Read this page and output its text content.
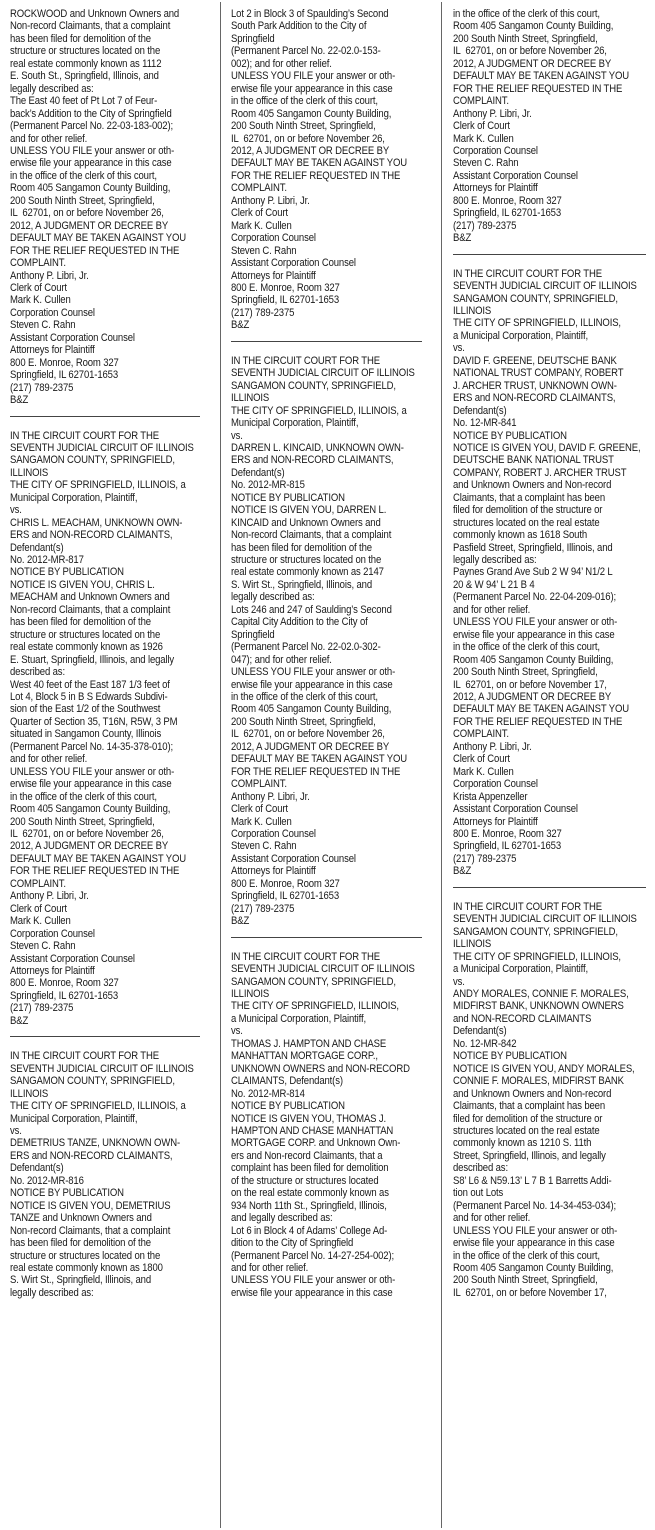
ROCKWOOD and Unknown Owners and
Non-record Claimants, that a complaint
has been filed for demolition of the
structure or structures located on the
real estate commonly known as 1112
E. South St., Springfield, Illinois, and
legally described as:
The East 40 feet of Pt Lot 7 of Feur-
back’s Addition to the City of Springfield
(Permanent Parcel No. 22-03-183-002);
and for other relief.
UNLESS YOU FILE your answer or oth-
erwise file your appearance in this case
in the office of the clerk of this court,
Room 405 Sangamon County Building,
200 South Ninth Street, Springfield,
IL  62701, on or before November 26,
2012, A JUDGMENT OR DECREE BY
DEFAULT MAY BE TAKEN AGAINST YOU
FOR THE RELIEF REQUESTED IN THE
COMPLAINT.
Anthony P. Libri, Jr.
Clerk of Court
Mark K. Cullen
Corporation Counsel
Steven C. Rahn
Assistant Corporation Counsel
Attorneys for Plaintiff
800 E. Monroe, Room 327
Springfield, IL 62701-1653
(217) 789-2375
B&Z
IN THE CIRCUIT COURT FOR THE
SEVENTH JUDICIAL CIRCUIT OF ILLINOIS
SANGAMON COUNTY, SPRINGFIELD,
ILLINOIS
THE CITY OF SPRINGFIELD, ILLINOIS, a
Municipal Corporation, Plaintiff,
vs.
CHRIS L. MEACHAM, UNKNOWN OWN-
ERS and NON-RECORD CLAIMANTS,
Defendant(s)
No. 2012-MR-817
NOTICE BY PUBLICATION
NOTICE IS GIVEN YOU, CHRIS L.
MEACHAM and Unknown Owners and
Non-record Claimants, that a complaint
has been filed for demolition of the
structure or structures located on the
real estate commonly known as 1926
E. Stuart, Springfield, Illinois, and legally
described as:
West 40 feet of the East 187 1/3 feet of
Lot 4, Block 5 in B S Edwards Subdivi-
sion of the East 1/2 of the Southwest
Quarter of Section 35, T16N, R5W, 3 PM
situated in Sangamon County, Illinois
(Permanent Parcel No. 14-35-378-010);
and for other relief.
UNLESS YOU FILE your answer or oth-
erwise file your appearance in this case
in the office of the clerk of this court,
Room 405 Sangamon County Building,
200 South Ninth Street, Springfield,
IL  62701, on or before November 26,
2012, A JUDGMENT OR DECREE BY
DEFAULT MAY BE TAKEN AGAINST YOU
FOR THE RELIEF REQUESTED IN THE
COMPLAINT.
Anthony P. Libri, Jr.
Clerk of Court
Mark K. Cullen
Corporation Counsel
Steven C. Rahn
Assistant Corporation Counsel
Attorneys for Plaintiff
800 E. Monroe, Room 327
Springfield, IL 62701-1653
(217) 789-2375
B&Z
IN THE CIRCUIT COURT FOR THE
SEVENTH JUDICIAL CIRCUIT OF ILLINOIS
SANGAMON COUNTY, SPRINGFIELD,
ILLINOIS
THE CITY OF SPRINGFIELD, ILLINOIS, a
Municipal Corporation, Plaintiff,
vs.
DEMETRIUS TANZE, UNKNOWN OWN-
ERS and NON-RECORD CLAIMANTS,
Defendant(s)
No. 2012-MR-816
NOTICE BY PUBLICATION
NOTICE IS GIVEN YOU, DEMETRIUS
TANZE and Unknown Owners and
Non-record Claimants, that a complaint
has been filed for demolition of the
structure or structures located on the
real estate commonly known as 1800
S. Wirt St., Springfield, Illinois, and
legally described as:
Lot 2 in Block 3 of Spaulding’s Second
South Park Addition to the City of
Springfield
(Permanent Parcel No. 22-02.0-153-
002); and for other relief.
UNLESS YOU FILE your answer or oth-
erwise file your appearance in this case
in the office of the clerk of this court,
Room 405 Sangamon County Building,
200 South Ninth Street, Springfield,
IL  62701, on or before November 26,
2012, A JUDGMENT OR DECREE BY
DEFAULT MAY BE TAKEN AGAINST YOU
FOR THE RELIEF REQUESTED IN THE
COMPLAINT.
Anthony P. Libri, Jr.
Clerk of Court
Mark K. Cullen
Corporation Counsel
Steven C. Rahn
Assistant Corporation Counsel
Attorneys for Plaintiff
800 E. Monroe, Room 327
Springfield, IL 62701-1653
(217) 789-2375
B&Z
IN THE CIRCUIT COURT FOR THE
SEVENTH JUDICIAL CIRCUIT OF ILLINOIS
SANGAMON COUNTY, SPRINGFIELD,
ILLINOIS
THE CITY OF SPRINGFIELD, ILLINOIS, a
Municipal Corporation, Plaintiff,
vs.
DARREN L. KINCAID, UNKNOWN OWN-
ERS and NON-RECORD CLAIMANTS,
Defendant(s)
No. 2012-MR-815
NOTICE BY PUBLICATION
NOTICE IS GIVEN YOU, DARREN L.
KINCAID and Unknown Owners and
Non-record Claimants, that a complaint
has been filed for demolition of the
structure or structures located on the
real estate commonly known as 2147
S. Wirt St., Springfield, Illinois, and
legally described as:
Lots 246 and 247 of Saulding’s Second
Capital City Addition to the City of
Springfield
(Permanent Parcel No. 22-02.0-302-
047); and for other relief.
UNLESS YOU FILE your answer or oth-
erwise file your appearance in this case
in the office of the clerk of this court,
Room 405 Sangamon County Building,
200 South Ninth Street, Springfield,
IL  62701, on or before November 26,
2012, A JUDGMENT OR DECREE BY
DEFAULT MAY BE TAKEN AGAINST YOU
FOR THE RELIEF REQUESTED IN THE
COMPLAINT.
Anthony P. Libri, Jr.
Clerk of Court
Mark K. Cullen
Corporation Counsel
Steven C. Rahn
Assistant Corporation Counsel
Attorneys for Plaintiff
800 E. Monroe, Room 327
Springfield, IL 62701-1653
(217) 789-2375
B&Z
IN THE CIRCUIT COURT FOR THE
SEVENTH JUDICIAL CIRCUIT OF ILLINOIS
SANGAMON COUNTY, SPRINGFIELD,
ILLINOIS
THE CITY OF SPRINGFIELD, ILLINOIS,
a Municipal Corporation, Plaintiff,
vs.
THOMAS J. HAMPTON AND CHASE
MANHATTAN MORTGAGE CORP.,
UNKNOWN OWNERS and NON-RECORD
CLAIMANTS, Defendant(s)
No. 2012-MR-814
NOTICE BY PUBLICATION
NOTICE IS GIVEN YOU, THOMAS J.
HAMPTON AND CHASE MANHATTAN
MORTGAGE CORP. and Unknown Own-
ers and Non-record Claimants, that a
complaint has been filed for demolition
of the structure or structures located
on the real estate commonly known as
934 North 11th St., Springfield, Illinois,
and legally described as:
Lot 6 in Block 4 of Adams’ College Ad-
dition to the City of Springfield
(Permanent Parcel No. 14-27-254-002);
and for other relief.
UNLESS YOU FILE your answer or oth-
erwise file your appearance in this case
in the office of the clerk of this court,
Room 405 Sangamon County Building,
200 South Ninth Street, Springfield,
IL  62701, on or before November 26,
2012, A JUDGMENT OR DECREE BY
DEFAULT MAY BE TAKEN AGAINST YOU
FOR THE RELIEF REQUESTED IN THE
COMPLAINT.
Anthony P. Libri, Jr.
Clerk of Court
Mark K. Cullen
Corporation Counsel
Steven C. Rahn
Assistant Corporation Counsel
Attorneys for Plaintiff
800 E. Monroe, Room 327
Springfield, IL 62701-1653
(217) 789-2375
B&Z
IN THE CIRCUIT COURT FOR THE
SEVENTH JUDICIAL CIRCUIT OF ILLINOIS
SANGAMON COUNTY, SPRINGFIELD,
ILLINOIS
THE CITY OF SPRINGFIELD, ILLINOIS,
a Municipal Corporation, Plaintiff,
vs.
DAVID F. GREENE, DEUTSCHE BANK
NATIONAL TRUST COMPANY, ROBERT
J. ARCHER TRUST, UNKNOWN OWN-
ERS and NON-RECORD CLAIMANTS,
Defendant(s)
No. 12-MR-841
NOTICE BY PUBLICATION
NOTICE IS GIVEN YOU, DAVID F. GREENE,
DEUTSCHE BANK NATIONAL TRUST
COMPANY, ROBERT J. ARCHER TRUST
and Unknown Owners and Non-record
Claimants, that a complaint has been
filed for demolition of the structure or
structures located on the real estate
commonly known as 1618 South
Pasfield Street, Springfield, Illinois, and
legally described as:
Paynes Grand Ave Sub 2 W 94’ N1/2 L
20 & W 94’ L 21 B 4
(Permanent Parcel No. 22-04-209-016);
and for other relief.
UNLESS YOU FILE your answer or oth-
erwise file your appearance in this case
in the office of the clerk of this court,
Room 405 Sangamon County Building,
200 South Ninth Street, Springfield,
IL  62701, on or before November 17,
2012, A JUDGMENT OR DECREE BY
DEFAULT MAY BE TAKEN AGAINST YOU
FOR THE RELIEF REQUESTED IN THE
COMPLAINT.
Anthony P. Libri, Jr.
Clerk of Court
Mark K. Cullen
Corporation Counsel
Krista Appenzeller
Assistant Corporation Counsel
Attorneys for Plaintiff
800 E. Monroe, Room 327
Springfield, IL 62701-1653
(217) 789-2375
B&Z
IN THE CIRCUIT COURT FOR THE
SEVENTH JUDICIAL CIRCUIT OF ILLINOIS
SANGAMON COUNTY, SPRINGFIELD,
ILLINOIS
THE CITY OF SPRINGFIELD, ILLINOIS,
a Municipal Corporation, Plaintiff,
vs.
ANDY MORALES, CONNIE F. MORALES,
MIDFIRST BANK, UNKNOWN OWNERS
and NON-RECORD CLAIMANTS
Defendant(s)
No. 12-MR-842
NOTICE BY PUBLICATION
NOTICE IS GIVEN YOU, ANDY MORALES,
CONNIE F. MORALES, MIDFIRST BANK
and Unknown Owners and Non-record
Claimants, that a complaint has been
filed for demolition of the structure or
structures located on the real estate
commonly known as 1210 S. 11th
Street, Springfield, Illinois, and legally
described as:
S8’ L6 & N59.13’ L 7 B 1 Barretts Addi-
tion out Lots
(Permanent Parcel No. 14-34-453-034);
and for other relief.
UNLESS YOU FILE your answer or oth-
erwise file your appearance in this case
in the office of the clerk of this court,
Room 405 Sangamon County Building,
200 South Ninth Street, Springfield,
IL  62701, on or before November 17,
